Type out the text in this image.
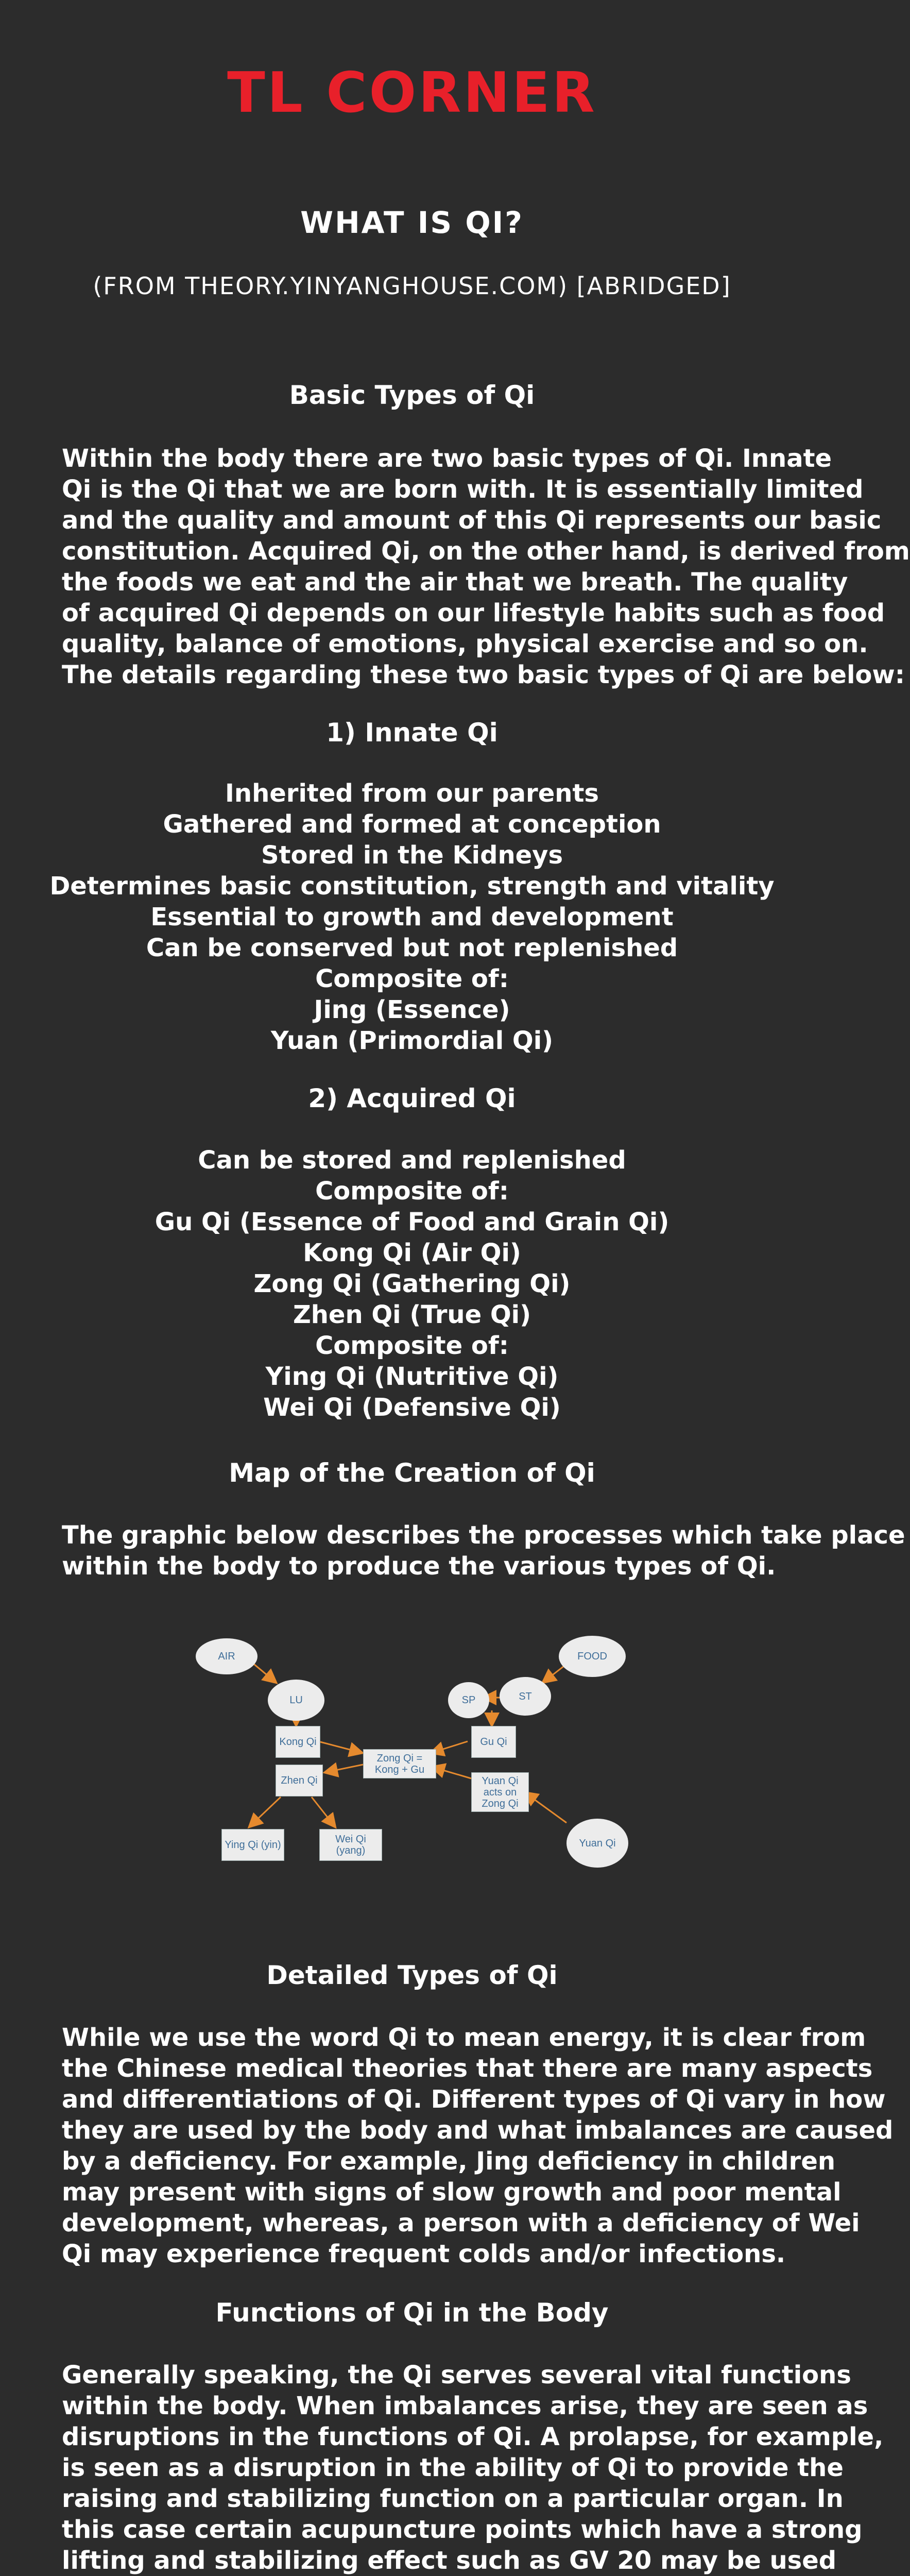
TL CORNER
WHAT IS QI?
(FROM THEORY.YINYANGHOUSE.COM) [ABRIDGED]
Basic Types of Qi
Within the body there are two basic types of Qi. Innate
Qi is the Qi that we are born with. It is essentially limited
and the quality and amount of this Qi represents our basic
constitution. Acquired Qi, on the other hand, is derived from
the foods we eat and the air that we breath. The quality
of acquired Qi depends on our lifestyle habits such as food
quality, balance of emotions, physical exercise and so on.
The details regarding these two basic types of Qi are below:
1) Innate Qi
Inherited from our parents
Gathered and formed at conception
Stored in the Kidneys
Determines basic constitution, strength and vitality
Essential to growth and development
Can be conserved but not replenished
Composite of:
Jing (Essence)
Yuan (Primordial Qi)
2) Acquired Qi
Can be stored and replenished
Composite of:
Gu Qi (Essence of Food and Grain Qi)
Kong Qi (Air Qi)
Zong Qi (Gathering Qi)
Zhen Qi (True Qi)
Composite of:
Ying Qi (Nutritive Qi)
Wei Qi (Defensive Qi)
Map of the Creation of Qi
The graphic below describes the processes which take place
within the body to produce the various types of Qi.
AIR	FOOD
LU	SP	ST
Kong Qi	Gu Qi
Zong Qi = Kong + Gu
Zhen Qi	Yuan Qi acts on Zong Qi
Ying Qi (yin)	Wei Qi (yang)
Yuan Qi
Detailed Types of Qi
While we use the word Qi to mean energy, it is clear from
the Chinese medical theories that there are many aspects
and differentiations of Qi. Different types of Qi vary in how
they are used by the body and what imbalances are caused
by a deficiency. For example, Jing deficiency in children
may present with signs of slow growth and poor mental
development, whereas, a person with a deficiency of Wei
Qi may experience frequent colds and/or infections.
Functions of Qi in the Body
Generally speaking, the Qi serves several vital functions
within the body. When imbalances arise, they are seen as
disruptions in the functions of Qi. A prolapse, for example,
is seen as a disruption in the ability of Qi to provide the
raising and stabilizing function on a particular organ. In
this case certain acupuncture points which have a strong
lifting and stabilizing effect such as GV 20 may be used
